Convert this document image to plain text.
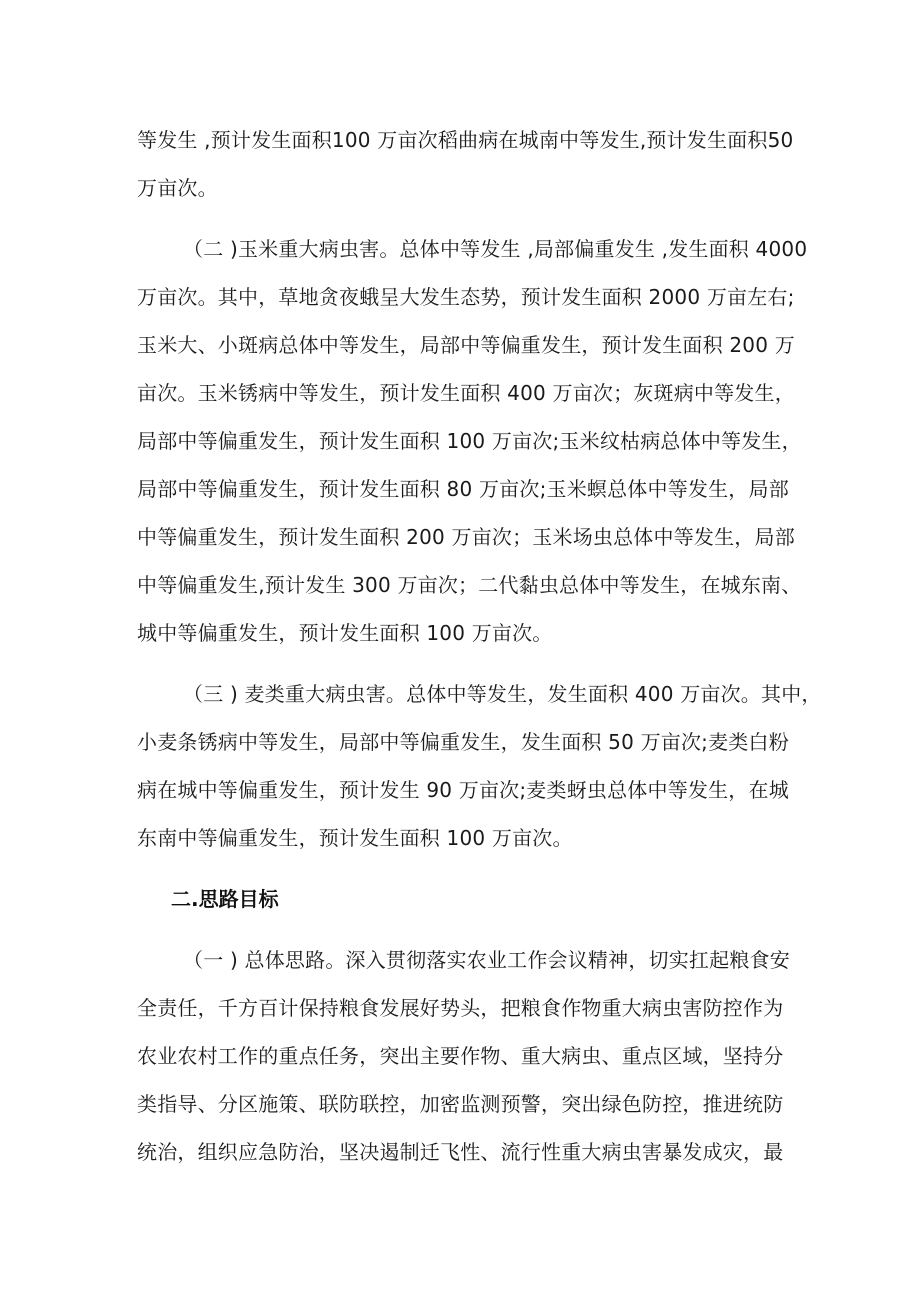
等发生 ,预计发生面积100 万亩次稻曲病在城南中等发生,预计发生面积50
万亩次。
（二 )玉米重大病虫害。总体中等发生 ,局部偏重发生 ,发生面积 4000
万亩次。其中，草地贪夜蛾呈大发生态势，预计发生面积 2000 万亩左右;
玉米大、小斑病总体中等发生，局部中等偏重发生，预计发生面积 200 万
亩次。玉米锈病中等发生，预计发生面积 400 万亩次；灰斑病中等发生，
局部中等偏重发生，预计发生面积 100 万亩次;玉米纹枯病总体中等发生，
局部中等偏重发生，预计发生面积 80 万亩次;玉米螟总体中等发生，局部
中等偏重发生，预计发生面积 200 万亩次；玉米场虫总体中等发生，局部
中等偏重发生,预计发生 300 万亩次；二代黏虫总体中等发生，在城东南、
城中等偏重发生，预计发生面积 100 万亩次。
（三 ) 麦类重大病虫害。总体中等发生，发生面积 400 万亩次。其中，
小麦条锈病中等发生，局部中等偏重发生，发生面积 50 万亩次;麦类白粉
病在城中等偏重发生，预计发生 90 万亩次;麦类蚜虫总体中等发生，在城
东南中等偏重发生，预计发生面积 100 万亩次。
二.思路目标
（一 ) 总体思路。深入贯彻落实农业工作会议精神，切实扛起粮食安
全责任，千方百计保持粮食发展好势头，把粮食作物重大病虫害防控作为
农业农村工作的重点任务，突出主要作物、重大病虫、重点区域，坚持分
类指导、分区施策、联防联控，加密监测预警，突出绿色防控，推进统防
统治，组织应急防治，坚决遏制迁飞性、流行性重大病虫害暴发成灾，最
